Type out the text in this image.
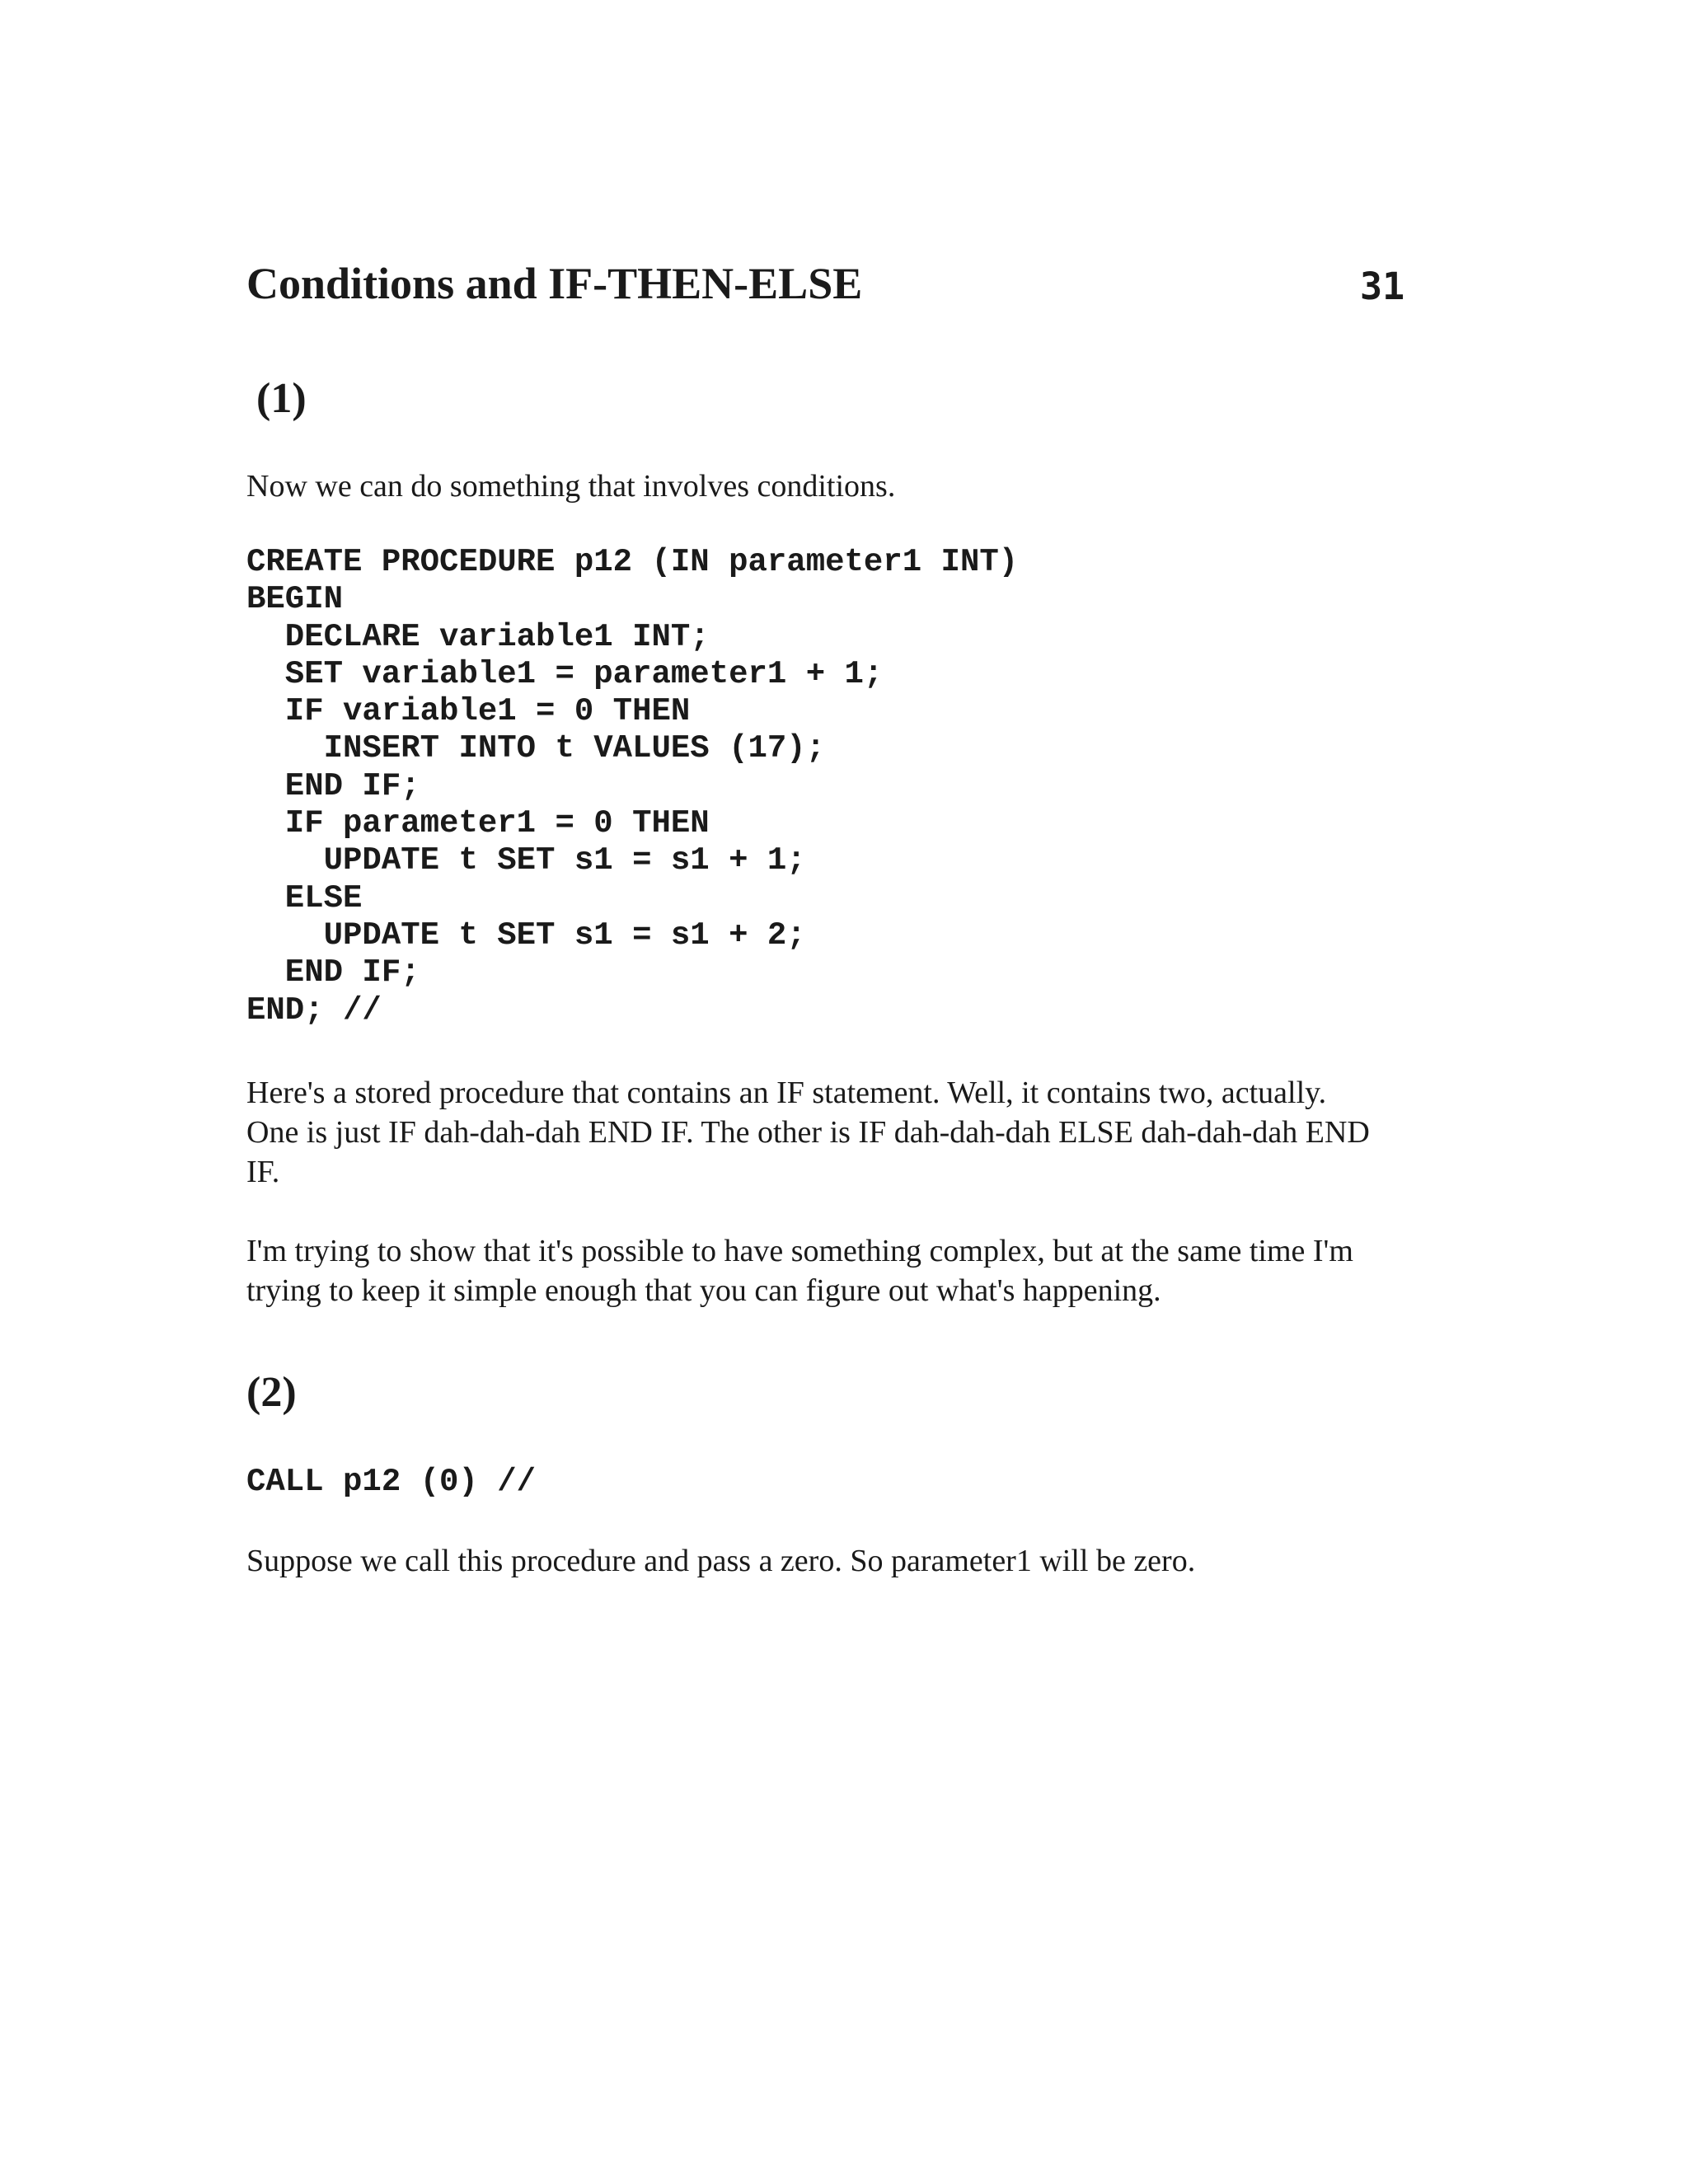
Conditions and IF-THEN-ELSE	31
(1)
Now we can do something that involves conditions.
CREATE PROCEDURE p12 (IN parameter1 INT)
BEGIN
DECLARE variable1 INT;
SET variable1 = parameter1 + 1;
IF variable1 = 0 THEN
INSERT INTO t VALUES (17);
END IF;
IF parameter1 = 0 THEN
UPDATE t SET s1 = s1 + 1;
ELSE
UPDATE t SET s1 = s1 + 2;
END IF;
END; //
Here's a stored procedure that contains an IF statement. Well, it contains two, actually.
One is just IF dah-dah-dah END IF. The other is IF dah-dah-dah ELSE dah-dah-dah END
IF.
I'm trying to show that it's possible to have something complex, but at the same time I'm
trying to keep it simple enough that you can figure out what's happening.
(2)
CALL p12 (0) //
Suppose we call this procedure and pass a zero. So parameter1 will be zero.
